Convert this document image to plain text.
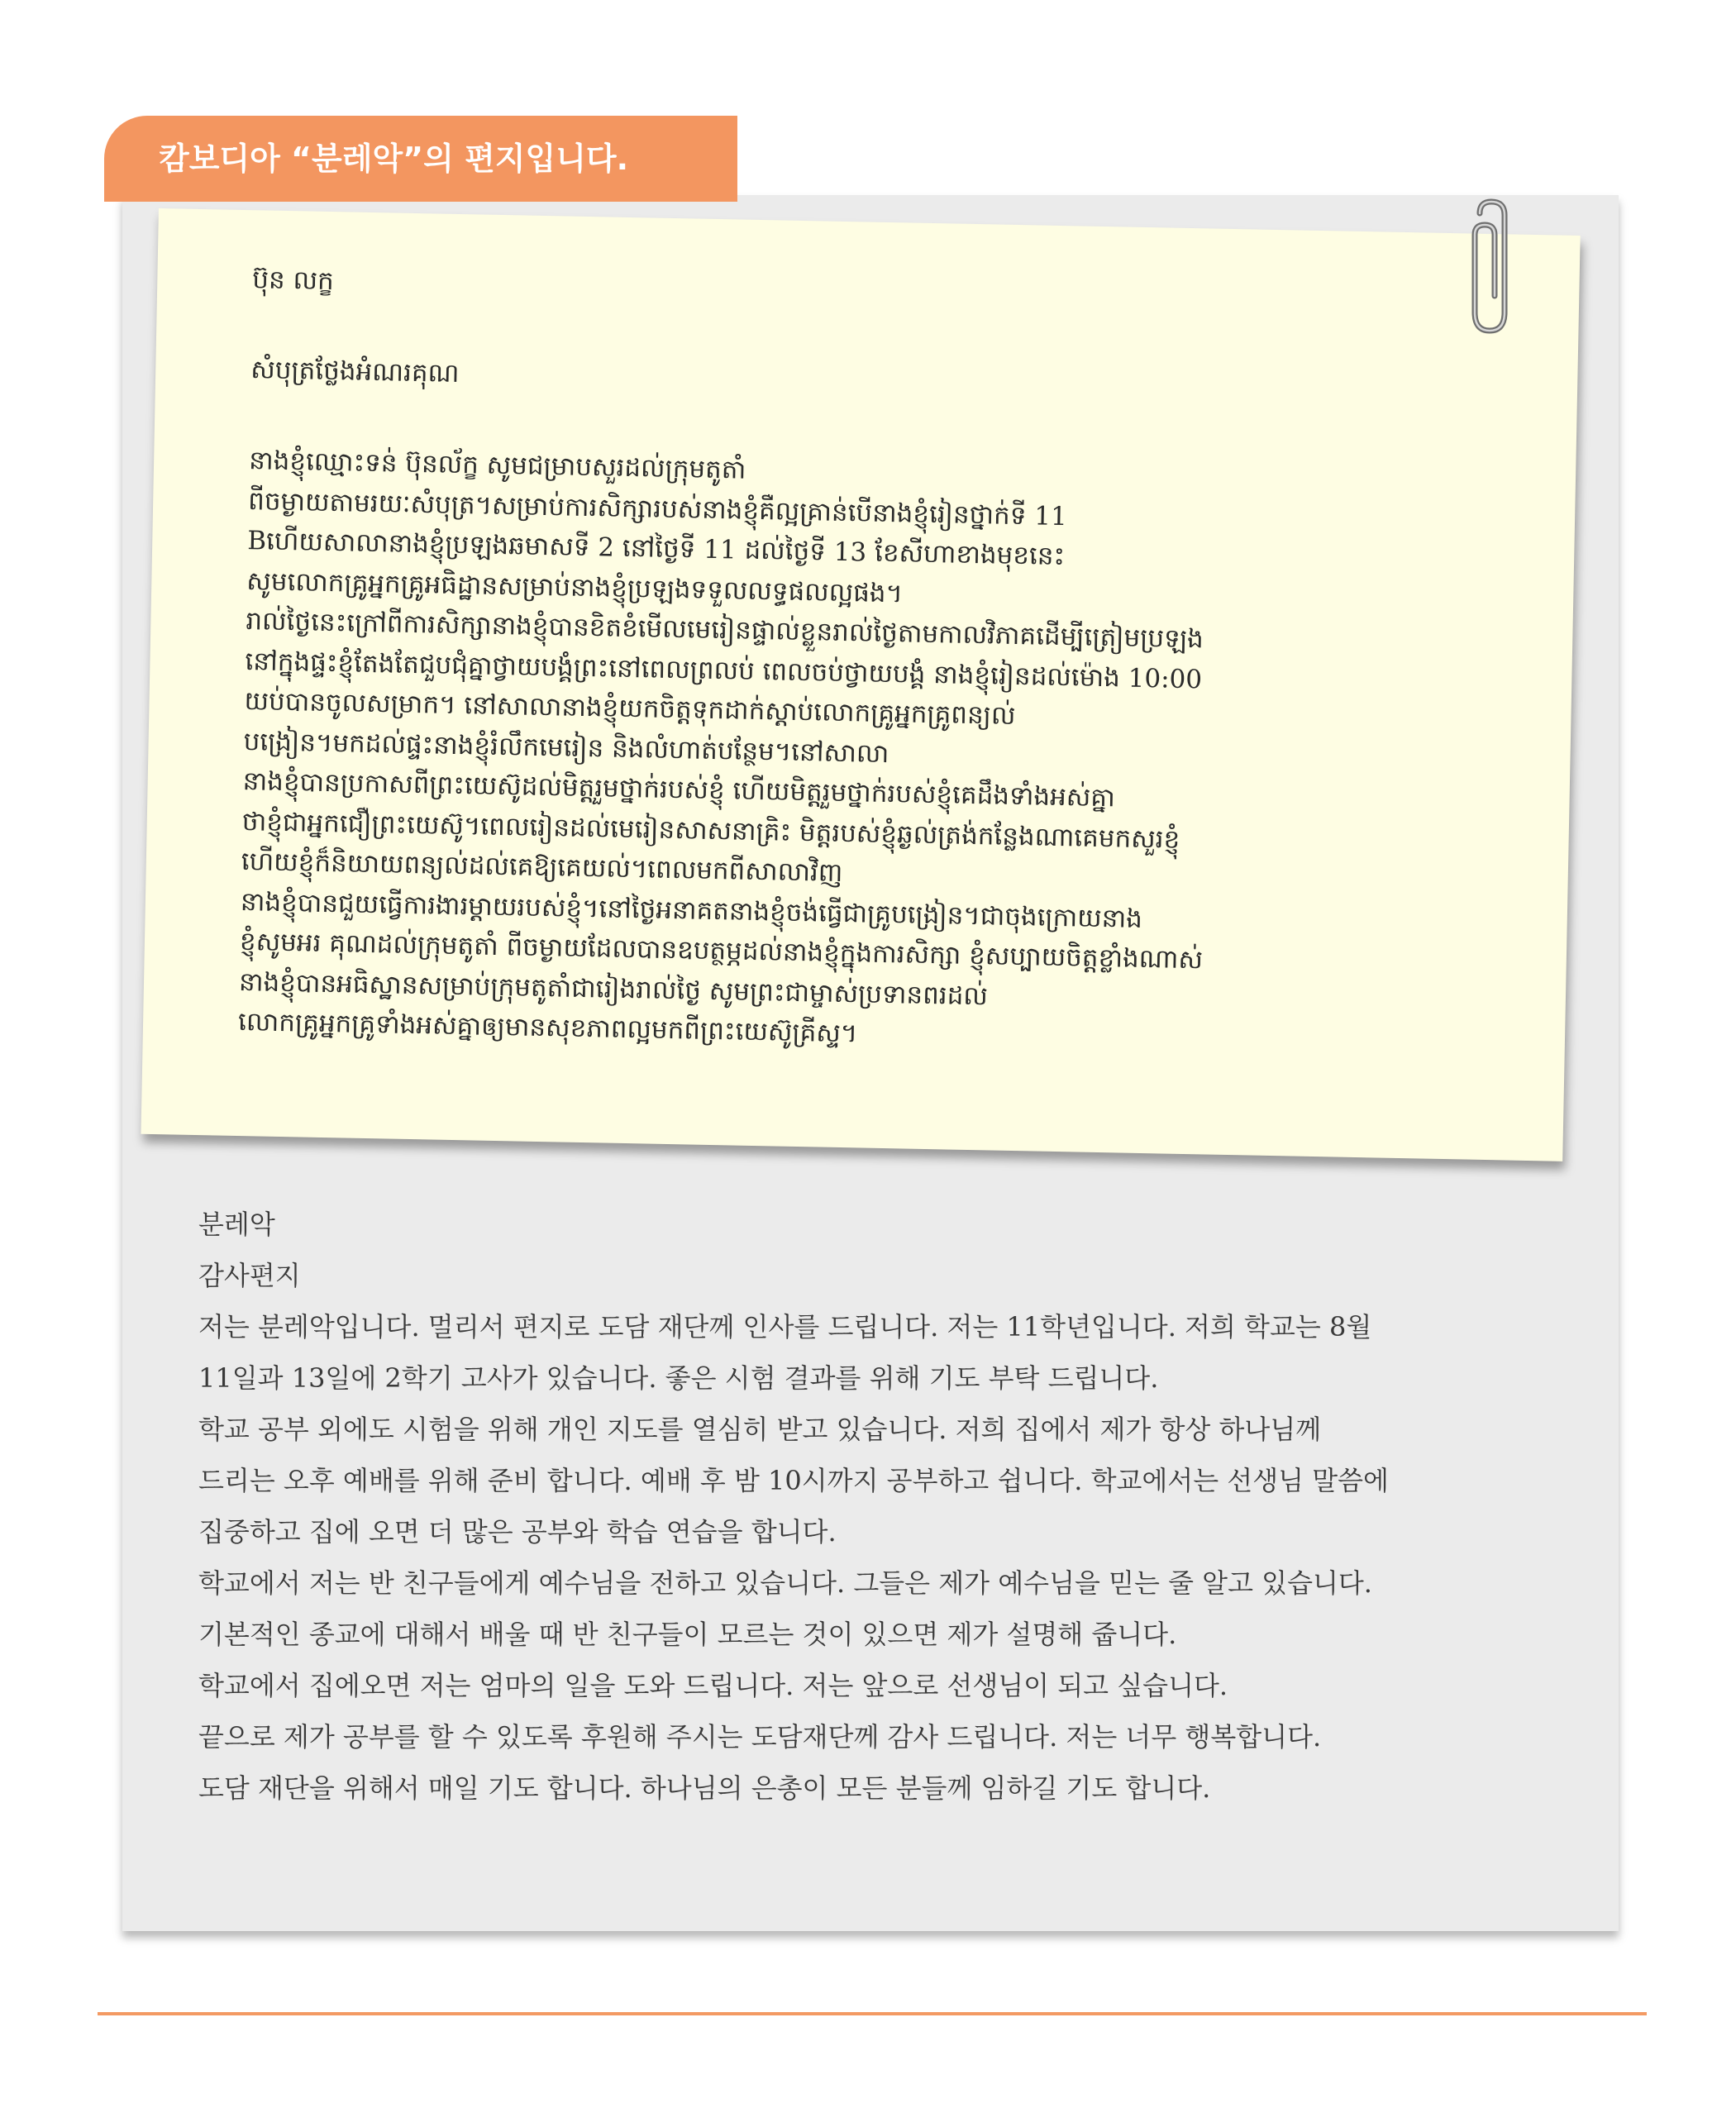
캄보디아 “분레악”의 편지입니다.
ប៊ុន លក្ខ
សំបុត្រថ្លែងអំណរគុណ
នាងខ្ញុំឈ្មោះទន់ ប៊ុនល័ក្ខ សូមជម្រាបសួរដល់ក្រុមតូតាំ
ពីចម្ងាយតាមរយៈសំបុត្រ។សម្រាប់ការសិក្សារបស់នាងខ្ញុំគឺល្អគ្រាន់បើនាងខ្ញុំរៀនថ្នាក់ទី 11
Bហើយសាលានាងខ្ញុំប្រឡងឆមាសទី 2 នៅថ្ងៃទី 11 ដល់ថ្ងៃទី 13 ខែសីហាខាងមុខនេះ
សូមលោកគ្រូអ្នកគ្រូអធិដ្ឋានសម្រាប់នាងខ្ញុំប្រឡងទទួលលទ្ធផលល្អផង។
រាល់ថ្ងៃនេះក្រៅពីការសិក្សានាងខ្ញុំបានខិតខំមើលមេរៀនផ្ទាល់ខ្លួនរាល់ថ្ងៃតាមកាលវិភាគដើម្បីត្រៀមប្រឡង
នៅក្នុងផ្ទះខ្ញុំតែងតែជួបជុំគ្នាថ្វាយបង្គំព្រះនៅពេលព្រលប់ ពេលចប់ថ្វាយបង្គំ នាងខ្ញុំរៀនដល់ម៉ោង 10:00
យប់បានចូលសម្រាក។ នៅសាលានាងខ្ញុំយកចិត្តទុកដាក់ស្តាប់លោកគ្រូអ្នកគ្រូពន្យល់
បង្រៀន។មកដល់ផ្ទះនាងខ្ញុំរំលឹកមេរៀន និងលំហាត់បន្ថែម។នៅសាលា
នាងខ្ញុំបានប្រកាសពីព្រះយេស៊ូដល់មិត្តរួមថ្នាក់របស់ខ្ញុំ ហើយមិត្តរួមថ្នាក់របស់ខ្ញុំគេដឹងទាំងអស់គ្នា
ថាខ្ញុំជាអ្នកជឿព្រះយេស៊ូ។ពេលរៀនដល់មេរៀនសាសនាគ្រិះ មិត្តរបស់ខ្ញុំឆ្ងល់ត្រង់កន្លែងណាគេមកសួរខ្ញុំ
ហើយខ្ញុំក៏និយាយពន្យល់ដល់គេឱ្យគេយល់។ពេលមកពីសាលាវិញ
នាងខ្ញុំបានជួយធ្វើការងារម្តាយរបស់ខ្ញុំ។នៅថ្ងៃអនាគតនាងខ្ញុំចង់ធ្វើជាគ្រូបង្រៀន។ជាចុងក្រោយនាង
ខ្ញុំសូមអរ គុណដល់ក្រុមតូតាំ ពីចម្ងាយដែលបានឧបត្ថម្ភដល់នាងខ្ញុំក្នុងការសិក្សា ខ្ញុំសប្បាយចិត្តខ្លាំងណាស់
នាងខ្ញុំបានអធិស្ឋានសម្រាប់ក្រុមតូតាំជារៀងរាល់ថ្ងៃ សូមព្រះជាម្ចាស់ប្រទានពរដល់
លោកគ្រូអ្នកគ្រូទាំងអស់គ្នាឲ្យមានសុខភាពល្អមកពីព្រះយេស៊ូគ្រីស្ទ។
분레악
감사편지
저는 분레악입니다. 멀리서 편지로 도담 재단께 인사를 드립니다. 저는 11학년입니다. 저희 학교는 8월
11일과 13일에 2학기 고사가 있습니다. 좋은 시험 결과를 위해 기도 부탁 드립니다.
학교 공부 외에도 시험을 위해 개인 지도를 열심히 받고 있습니다. 저희 집에서 제가 항상 하나님께
드리는 오후 예배를 위해 준비 합니다. 예배 후 밤 10시까지 공부하고 쉽니다. 학교에서는 선생님 말씀에
집중하고 집에 오면 더 많은 공부와 학습 연습을 합니다.
학교에서 저는 반 친구들에게 예수님을 전하고 있습니다. 그들은 제가 예수님을 믿는 줄 알고 있습니다.
기본적인 종교에 대해서 배울 때 반 친구들이 모르는 것이 있으면 제가 설명해 줍니다.
학교에서 집에오면 저는 엄마의 일을 도와 드립니다. 저는 앞으로 선생님이 되고 싶습니다.
끝으로 제가 공부를 할 수 있도록 후원해 주시는 도담재단께 감사 드립니다. 저는 너무 행복합니다.
도담 재단을 위해서 매일 기도 합니다. 하나님의 은총이 모든 분들께 임하길 기도 합니다.
